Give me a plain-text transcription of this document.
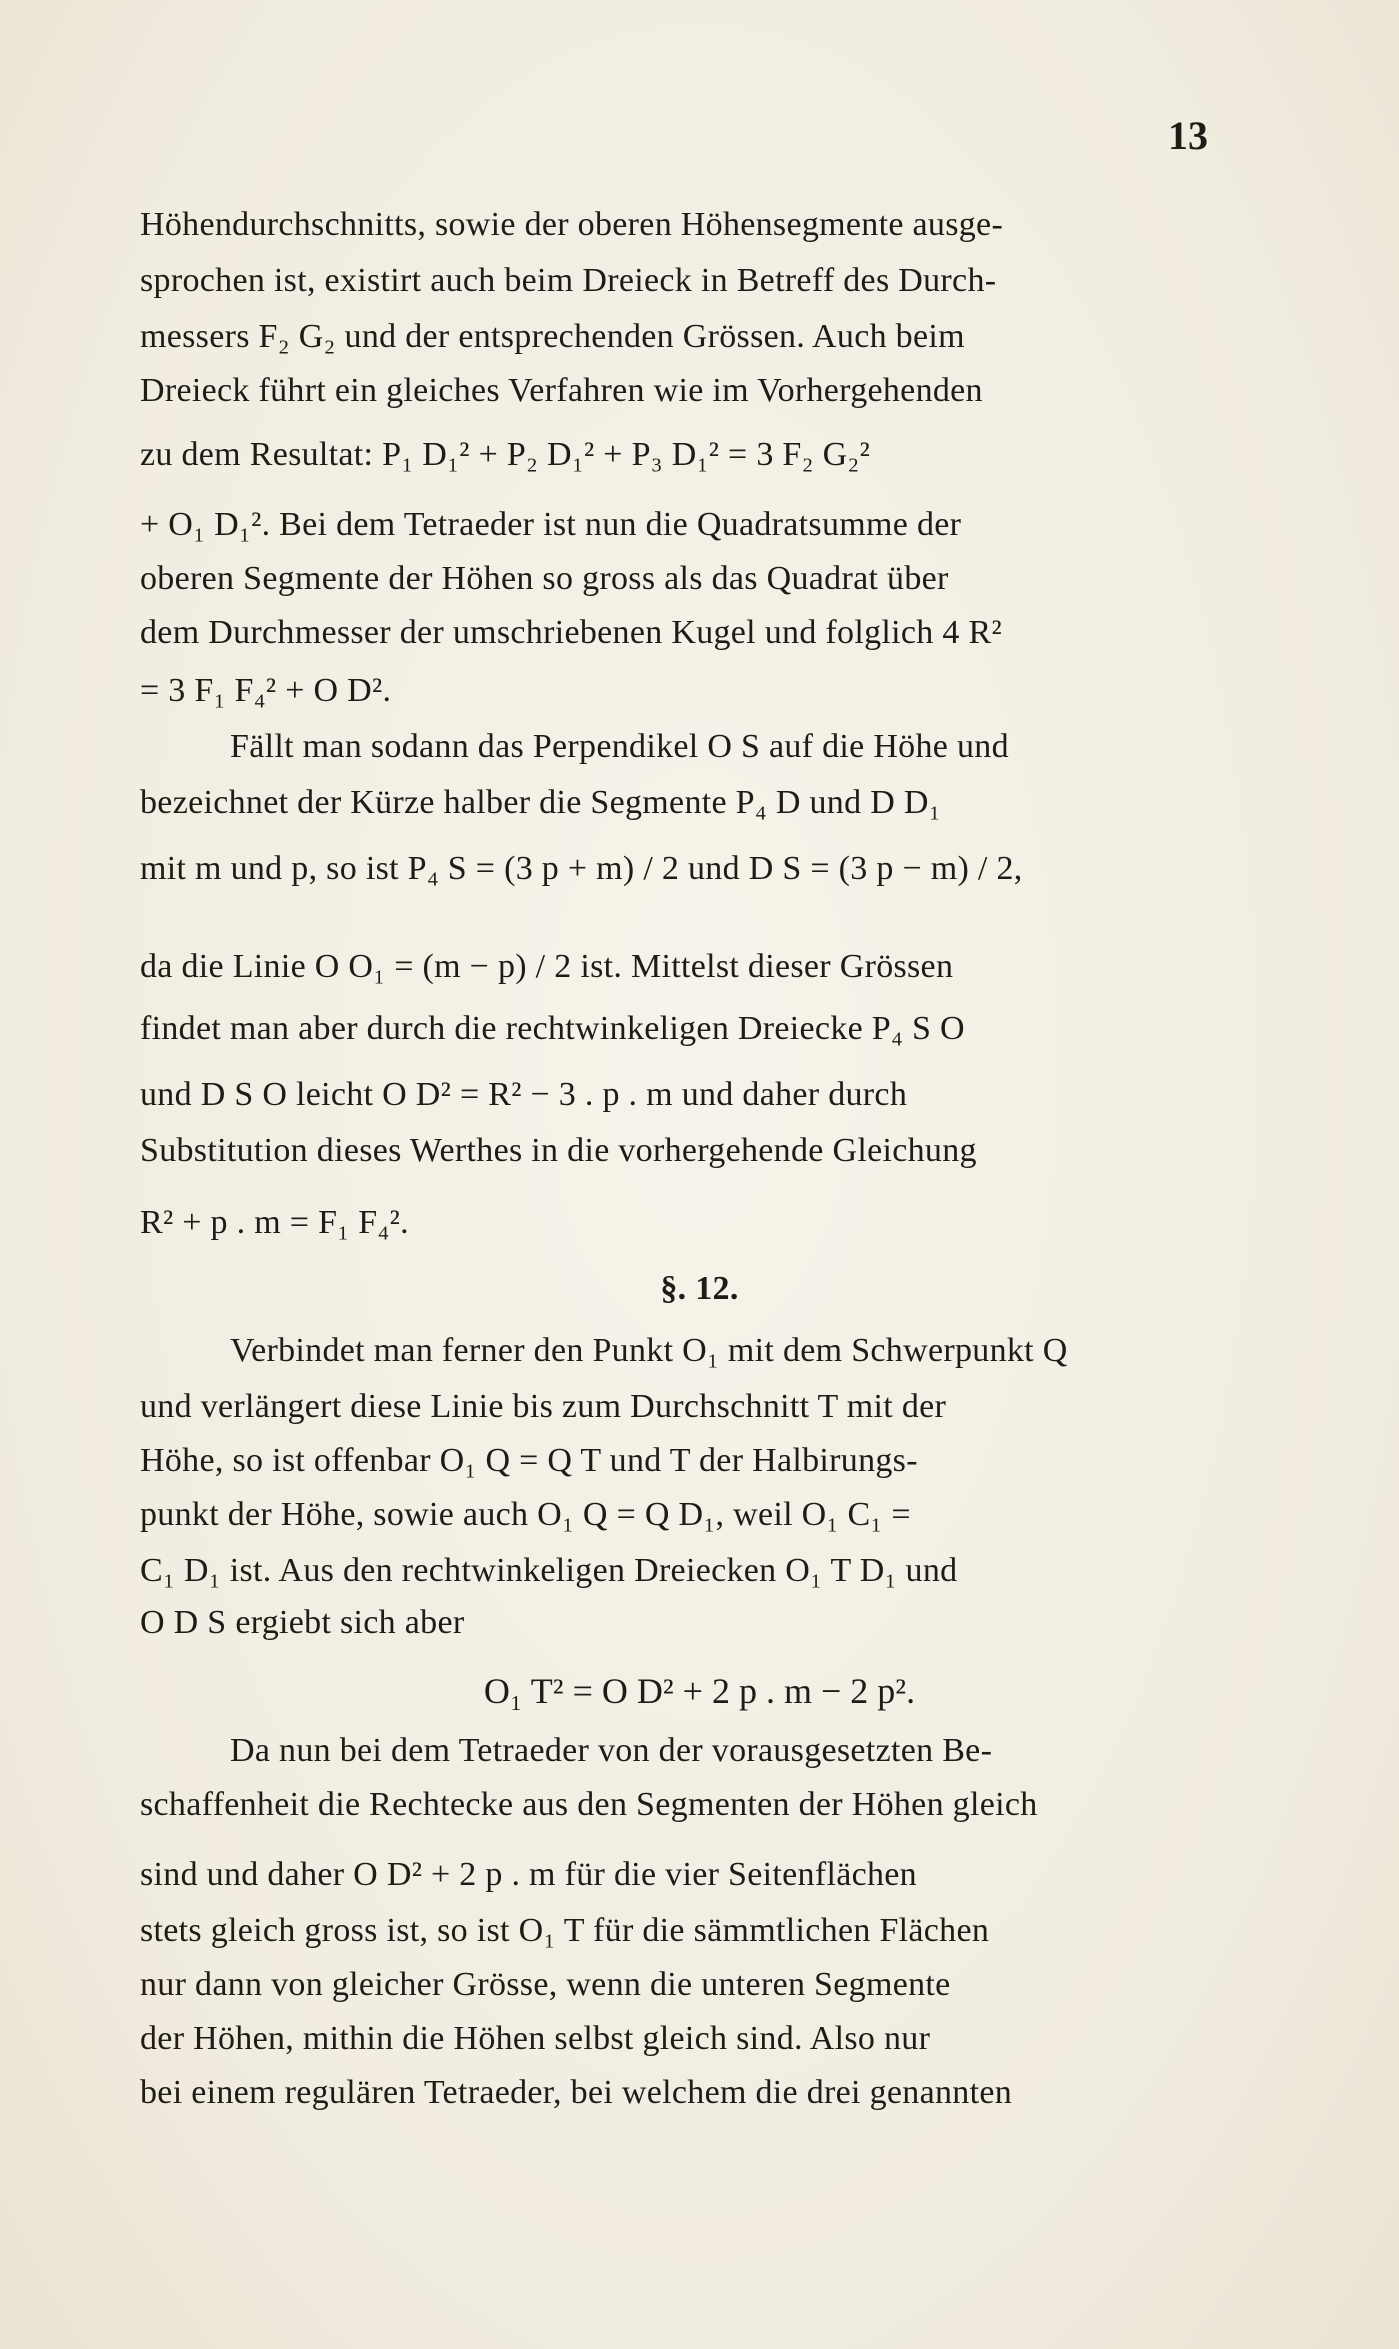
13
Höhendurchschnitts, sowie der oberen Höhensegmente ausge-
sprochen ist, existirt auch beim Dreieck in Betreff des Durch-
messers F₂ G₂ und der entsprechenden Grössen. Auch beim
Dreieck führt ein gleiches Verfahren wie im Vorhergehenden
zu dem Resultat: P₁ D₁² + P₂ D₁² + P₃ D₁² = 3 F₂ G₂²
+ O₁ D₁². Bei dem Tetraeder ist nun die Quadratsumme der
oberen Segmente der Höhen so gross als das Quadrat über
dem Durchmesser der umschriebenen Kugel und folglich 4 R²
= 3 F₁ F₄² + O D².
Fällt man sodann das Perpendikel O S auf die Höhe und
bezeichnet der Kürze halber die Segmente P₄ D und D D₁
mit m und p, so ist P₄ S = (3 p + m) / 2 und D S = (3 p − m) / 2,
da die Linie O O₁ = (m − p) / 2 ist. Mittelst dieser Grössen
findet man aber durch die rechtwinkeligen Dreiecke P₄ S O
und D S O leicht O D² = R² − 3 . p . m und daher durch
Substitution dieses Werthes in die vorhergehende Gleichung
R² + p . m = F₁ F₄².
§. 12.
Verbindet man ferner den Punkt O₁ mit dem Schwerpunkt Q
und verlängert diese Linie bis zum Durchschnitt T mit der
Höhe, so ist offenbar O₁ Q = Q T und T der Halbirungs-
punkt der Höhe, sowie auch O₁ Q = Q D₁, weil O₁ C₁ =
C₁ D₁ ist. Aus den rechtwinkeligen Dreiecken O₁ T D₁ und
O D S ergiebt sich aber
O₁ T² = O D² + 2 p . m − 2 p².
Da nun bei dem Tetraeder von der vorausgesetzten Be-
schaffenheit die Rechtecke aus den Segmenten der Höhen gleich
sind und daher O D² + 2 p . m für die vier Seitenflächen
stets gleich gross ist, so ist O₁ T für die sämmtlichen Flächen
nur dann von gleicher Grösse, wenn die unteren Segmente
der Höhen, mithin die Höhen selbst gleich sind. Also nur
bei einem regulären Tetraeder, bei welchem die drei genannten
